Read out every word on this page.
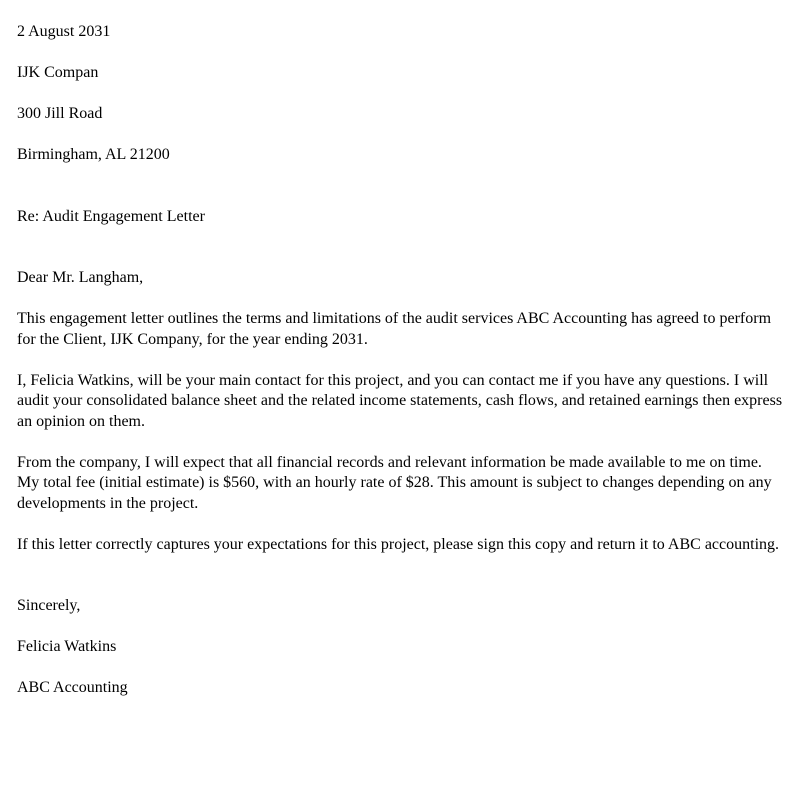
2 August 2031

IJK Compan

300 Jill Road

Birmingham, AL 21200

Re: Audit Engagement Letter

Dear Mr. Langham,

This engagement letter outlines the terms and limitations of the audit services ABC Accounting has agreed to perform for the Client, IJK Company, for the year ending 2031.

I, Felicia Watkins, will be your main contact for this project, and you can contact me if you have any questions. I will audit your consolidated balance sheet and the related income statements, cash flows, and retained earnings then express an opinion on them.

From the company, I will expect that all financial records and relevant information be made available to me on time. My total fee (initial estimate) is $560, with an hourly rate of $28. This amount is subject to changes depending on any developments in the project.

If this letter correctly captures your expectations for this project, please sign this copy and return it to ABC accounting.

Sincerely,

Felicia Watkins

ABC Accounting
